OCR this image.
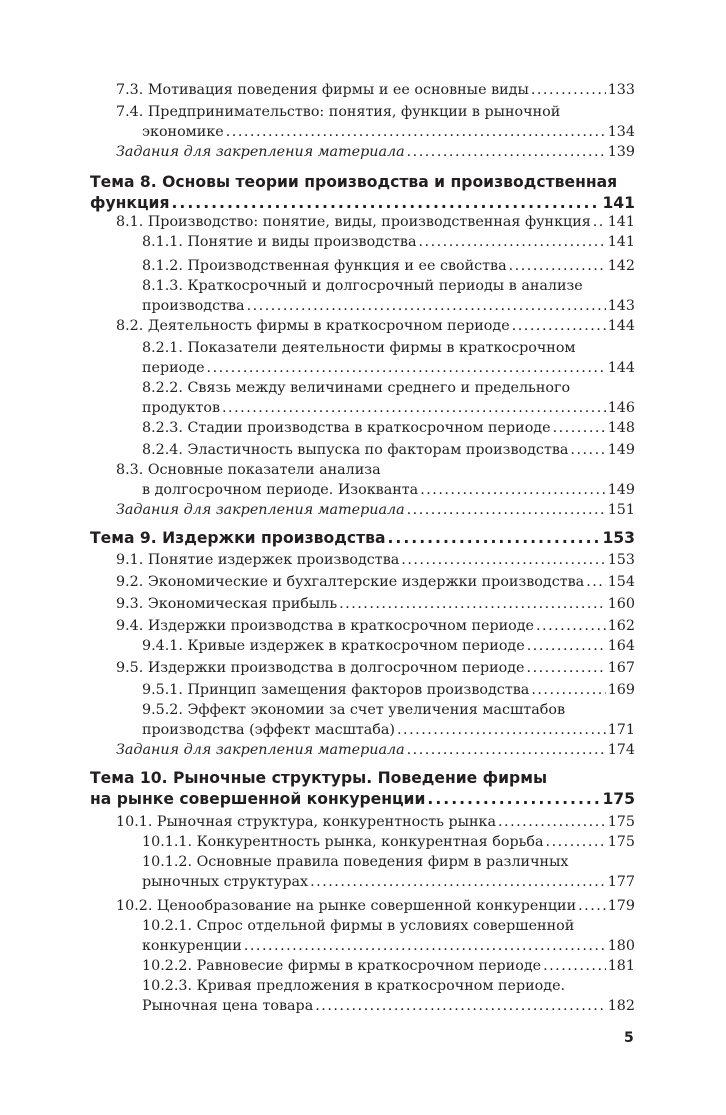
7.3. Мотивация поведения фирмы и ее основные виды .....	133
7.4. Предпринимательство: понятия, функции в рыночной
экономике .....	134
Задания для закрепления материала .....	139
Тема 8. Основы теории производства и производственная
функция .....	141
8.1. Производство: понятие, виды, производственная функция ..... 141
8.1.1. Понятие и виды производства .....	141
8.1.2. Производственная функция и ее свойства .....	142
8.1.3. Краткосрочный и долгосрочный периоды в анализе
производства .....	143
8.2. Деятельность фирмы в краткосрочном периоде .....	144
8.2.1. Показатели деятельности фирмы в краткосрочном
периоде .....	144
8.2.2. Связь между величинами среднего и предельного
продуктов .....	146
8.2.3. Стадии производства в краткосрочном периоде .....	148
8.2.4. Эластичность выпуска по факторам производства .....	149
8.3. Основные показатели анализа
в долгосрочном периоде. Изокванта .....	149
Задания для закрепления материала .....	151
Тема 9. Издержки производства .....	153
9.1. Понятие издержек производства .....	153
9.2. Экономические и бухгалтерские издержки производства ..... 154
9.3. Экономическая прибыль .....	160
9.4. Издержки производства в краткосрочном периоде .....	162
9.4.1. Кривые издержек в краткосрочном периоде .....	164
9.5. Издержки производства в долгосрочном периоде .....	167
9.5.1. Принцип замещения факторов производства .....	169
9.5.2. Эффект экономии за счет увеличения масштабов
производства (эффект масштаба) .....	171
Задания для закрепления материала .....	174
Тема 10. Рыночные структуры. Поведение фирмы
на рынке совершенной конкуренции .....	175
10.1. Рыночная структура, конкурентность рынка .....	175
10.1.1. Конкурентность рынка, конкурентная борьба .....	175
10.1.2. Основные правила поведения фирм в различных
рыночных структурах .....	177
10.2. Ценообразование на рынке совершенной конкуренции ..... 179
10.2.1. Спрос отдельной фирмы в условиях совершенной
конкуренции .....	180
10.2.2. Равновесие фирмы в краткосрочном периоде .....	181
10.2.3. Кривая предложения в краткосрочном периоде.
Рыночная цена товара .....	182
5
